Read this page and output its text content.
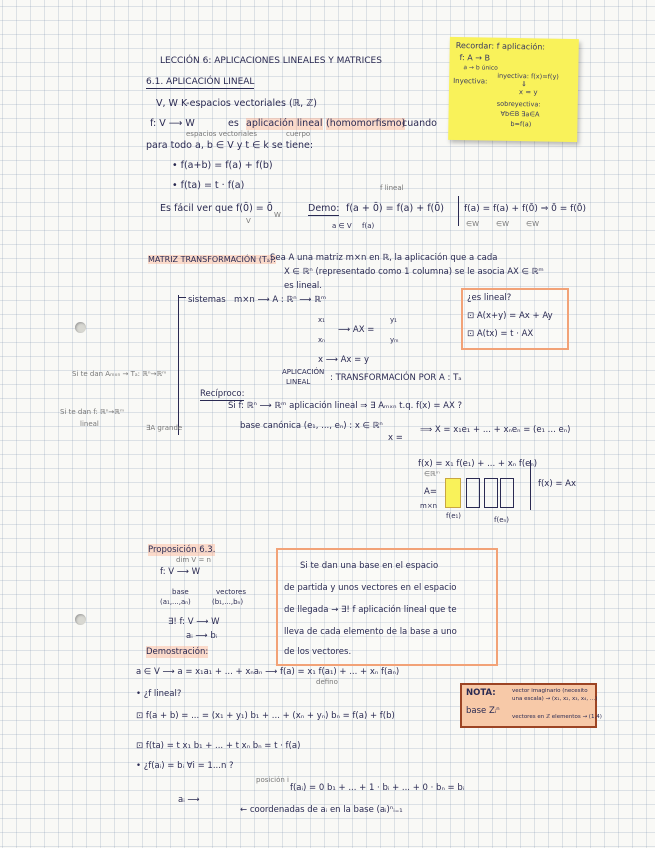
LECCIÓN 6: APLICACIONES LINEALES Y MATRICES
6.1. APLICACIÓN LINEAL
Recordar: f aplicación:
f: A → B
a → b único
Inyectiva:
inyectiva: f(x)=f(y)
⇓
x = y
sobreyectiva:
∀b∈B ∃a∈A
b=f(a)
V, W K-espacios vectoriales (ℝ, ℤ)
f: V ⟶ W	es aplicación lineal (homomorfismo)
cuando
espacios vectoriales	cuerpo
para todo a, b ∈ V y t ∈ k se tiene:
• f(a+b) = f(a) + f(b)
• f(ta) = t · f(a)
Es fácil ver que f(0̄) = 0̄
V
W
Demo: f(a + 0̄) = f(a) + f(0̄)
f lineal
a ∈ V f(a)
f(a) = f(a) + f(0̄) ⇒ 0̄ = f(0̄)
∈W ∈W ∈W
MATRIZ TRANSFORMACIÓN (Tₐ):
Sea A una matriz m×n en ℝ, la aplicación que a cada
X ∈ ℝⁿ (representado como 1 columna) se le asocia AX ∈ ℝᵐ
es lineal.
sistemas m×n ⟶ A : ℝⁿ ⟶ ℝᵐ
x₁
xₙ
⟶ AX =
y₁
yₘ
x ⟶ Ax = y
¿es lineal?
⊡ A(x+y) = Ax + Ay
⊡ A(tx) = t · AX
Si te dan Aₘₓₙ → Tₐ: ℝⁿ→ℝᵐ	APLICACIÓN
LINEAL : TRANSFORMACIÓN POR A : Tₐ
Recíproco:
Si f: ℝⁿ ⟶ ℝᵐ aplicación lineal ⇒ ∃ Aₘₓₙ t.q. f(x) = AX ?
Si te dan f: ℝⁿ→ℝᵐ
lineal	∃A grande	base canónica (e₁, ..., eₙ) : x ∈ ℝⁿ
x =
⟹ X = x₁e₁ + ... + xₙeₙ = (e₁ ... eₙ)
f(x) = x₁ f(e₁) + ... + xₙ f(eₙ)
∈ℝᵐ
A=
m×n
f(x) = Ax
f(e₁)	f(eₙ)
Proposición 6.3.
dim V = n
f: V ⟶ W
base	vectores
(a₁,...,aₙ)	(b₁,...,bₙ)
∃! f: V ⟶ W
aᵢ ⟶ bᵢ
Si te dan una base en el espacio
de partida y unos vectores en el espacio
de llegada → ∃! f aplicación lineal que te
lleva de cada elemento de la base a uno
de los vectores.
Demostración:
a ∈ V ⟶ a = x₁a₁ + ... + xₙaₙ ⟶ f(a) = x₁ f(a₁) + ... + xₙ f(aₙ)
defino
• ¿f lineal?
⊡ f(a + b) = ... = (x₁ + y₁) b₁ + ... + (xₙ + yₙ) bₙ = f(a) + f(b)
⊡ f(ta) = t x₁ b₁ + ... + t xₙ bₙ = t · f(a)
• ¿f(aᵢ) = bᵢ ∀i = 1...n ?
posición i
f(aᵢ) = 0 b₁ + ... + 1 · bᵢ + ... + 0 · bₙ = bᵢ
aᵢ ⟶
← coordenadas de aᵢ en la base (aᵢ)ⁿᵢ₌₁
NOTA:	vector imaginario (necesito
una escala) → (x₁, x₂, x₃, x₄, ...)
base Zᵢⁿ
vectores en ℤ elementos → (1,4)
